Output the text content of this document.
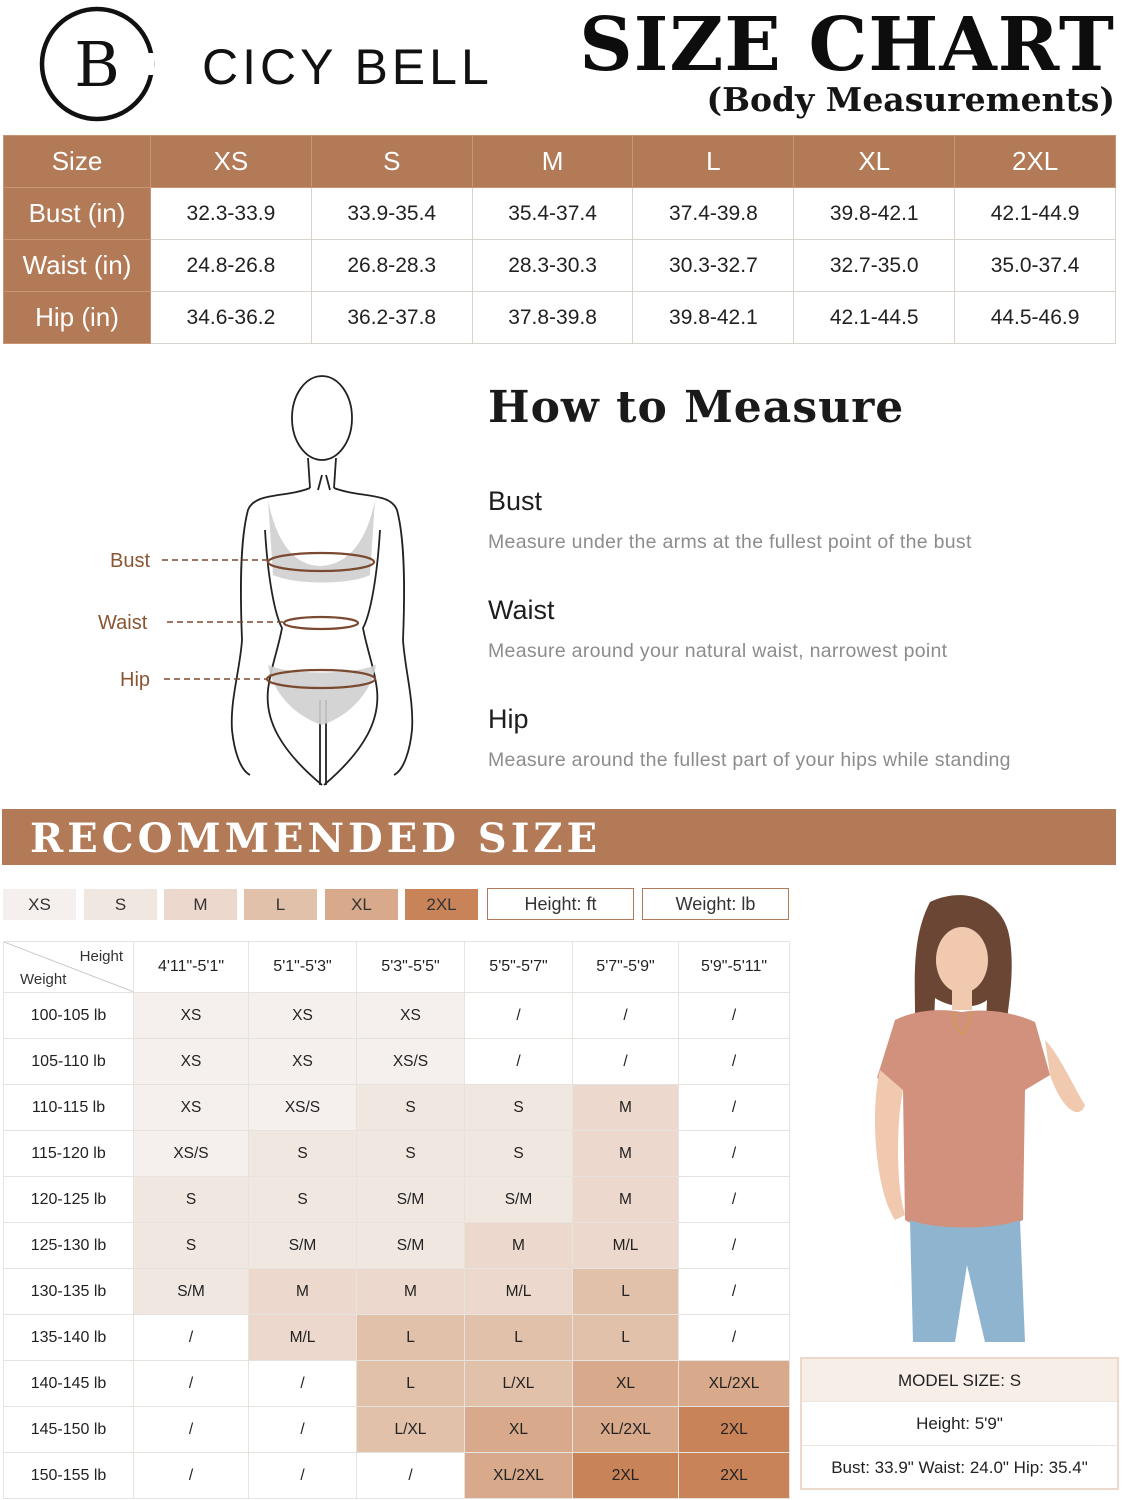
B CICY BELL SIZE CHART
(Body Measurements)
Size	XS	S	M	L	XL	2XL
Bust (in)	32.3-33.9	33.9-35.4	35.4-37.4	37.4-39.8	39.8-42.1	42.1-44.9
Waist (in)	24.8-26.8	26.8-28.3	28.3-30.3	30.3-32.7	32.7-35.0	35.0-37.4
Hip (in)	34.6-36.2	36.2-37.8	37.8-39.8	39.8-42.1	42.1-44.5	44.5-46.9
Bust
Waist
Hip
How to Measure
Bust
Measure under the arms at the fullest point of the bust
Waist
Measure around your natural waist, narrowest point
Hip
Measure around the fullest part of your hips while standing
RECOMMENDED SIZE
XS	S	M	L	XL	2XL	Height: ft	Weight: lb
Height
Weight	4'11"-5'1"	5'1"-5'3"	5'3"-5'5"	5'5"-5'7"	5'7"-5'9"	5'9"-5'11"
100-105 lb	XS	XS	XS	/	/	/
105-110 lb	XS	XS	XS/S	/	/	/
110-115 lb	XS	XS/S	S	S	M	/
115-120 lb	XS/S	S	S	S	M	/
120-125 lb	S	S	S/M	S/M	M	/
125-130 lb	S	S/M	S/M	M	M/L	/
130-135 lb	S/M	M	M	M/L	L	/
135-140 lb	/	M/L	L	L	L	/
140-145 lb	/	/	L	L/XL	XL	XL/2XL
145-150 lb	/	/	L/XL	XL	XL/2XL	2XL
150-155 lb	/	/	/	XL/2XL	2XL	2XL
MODEL SIZE: S
Height: 5'9"
Bust: 33.9" Waist: 24.0" Hip: 35.4"
